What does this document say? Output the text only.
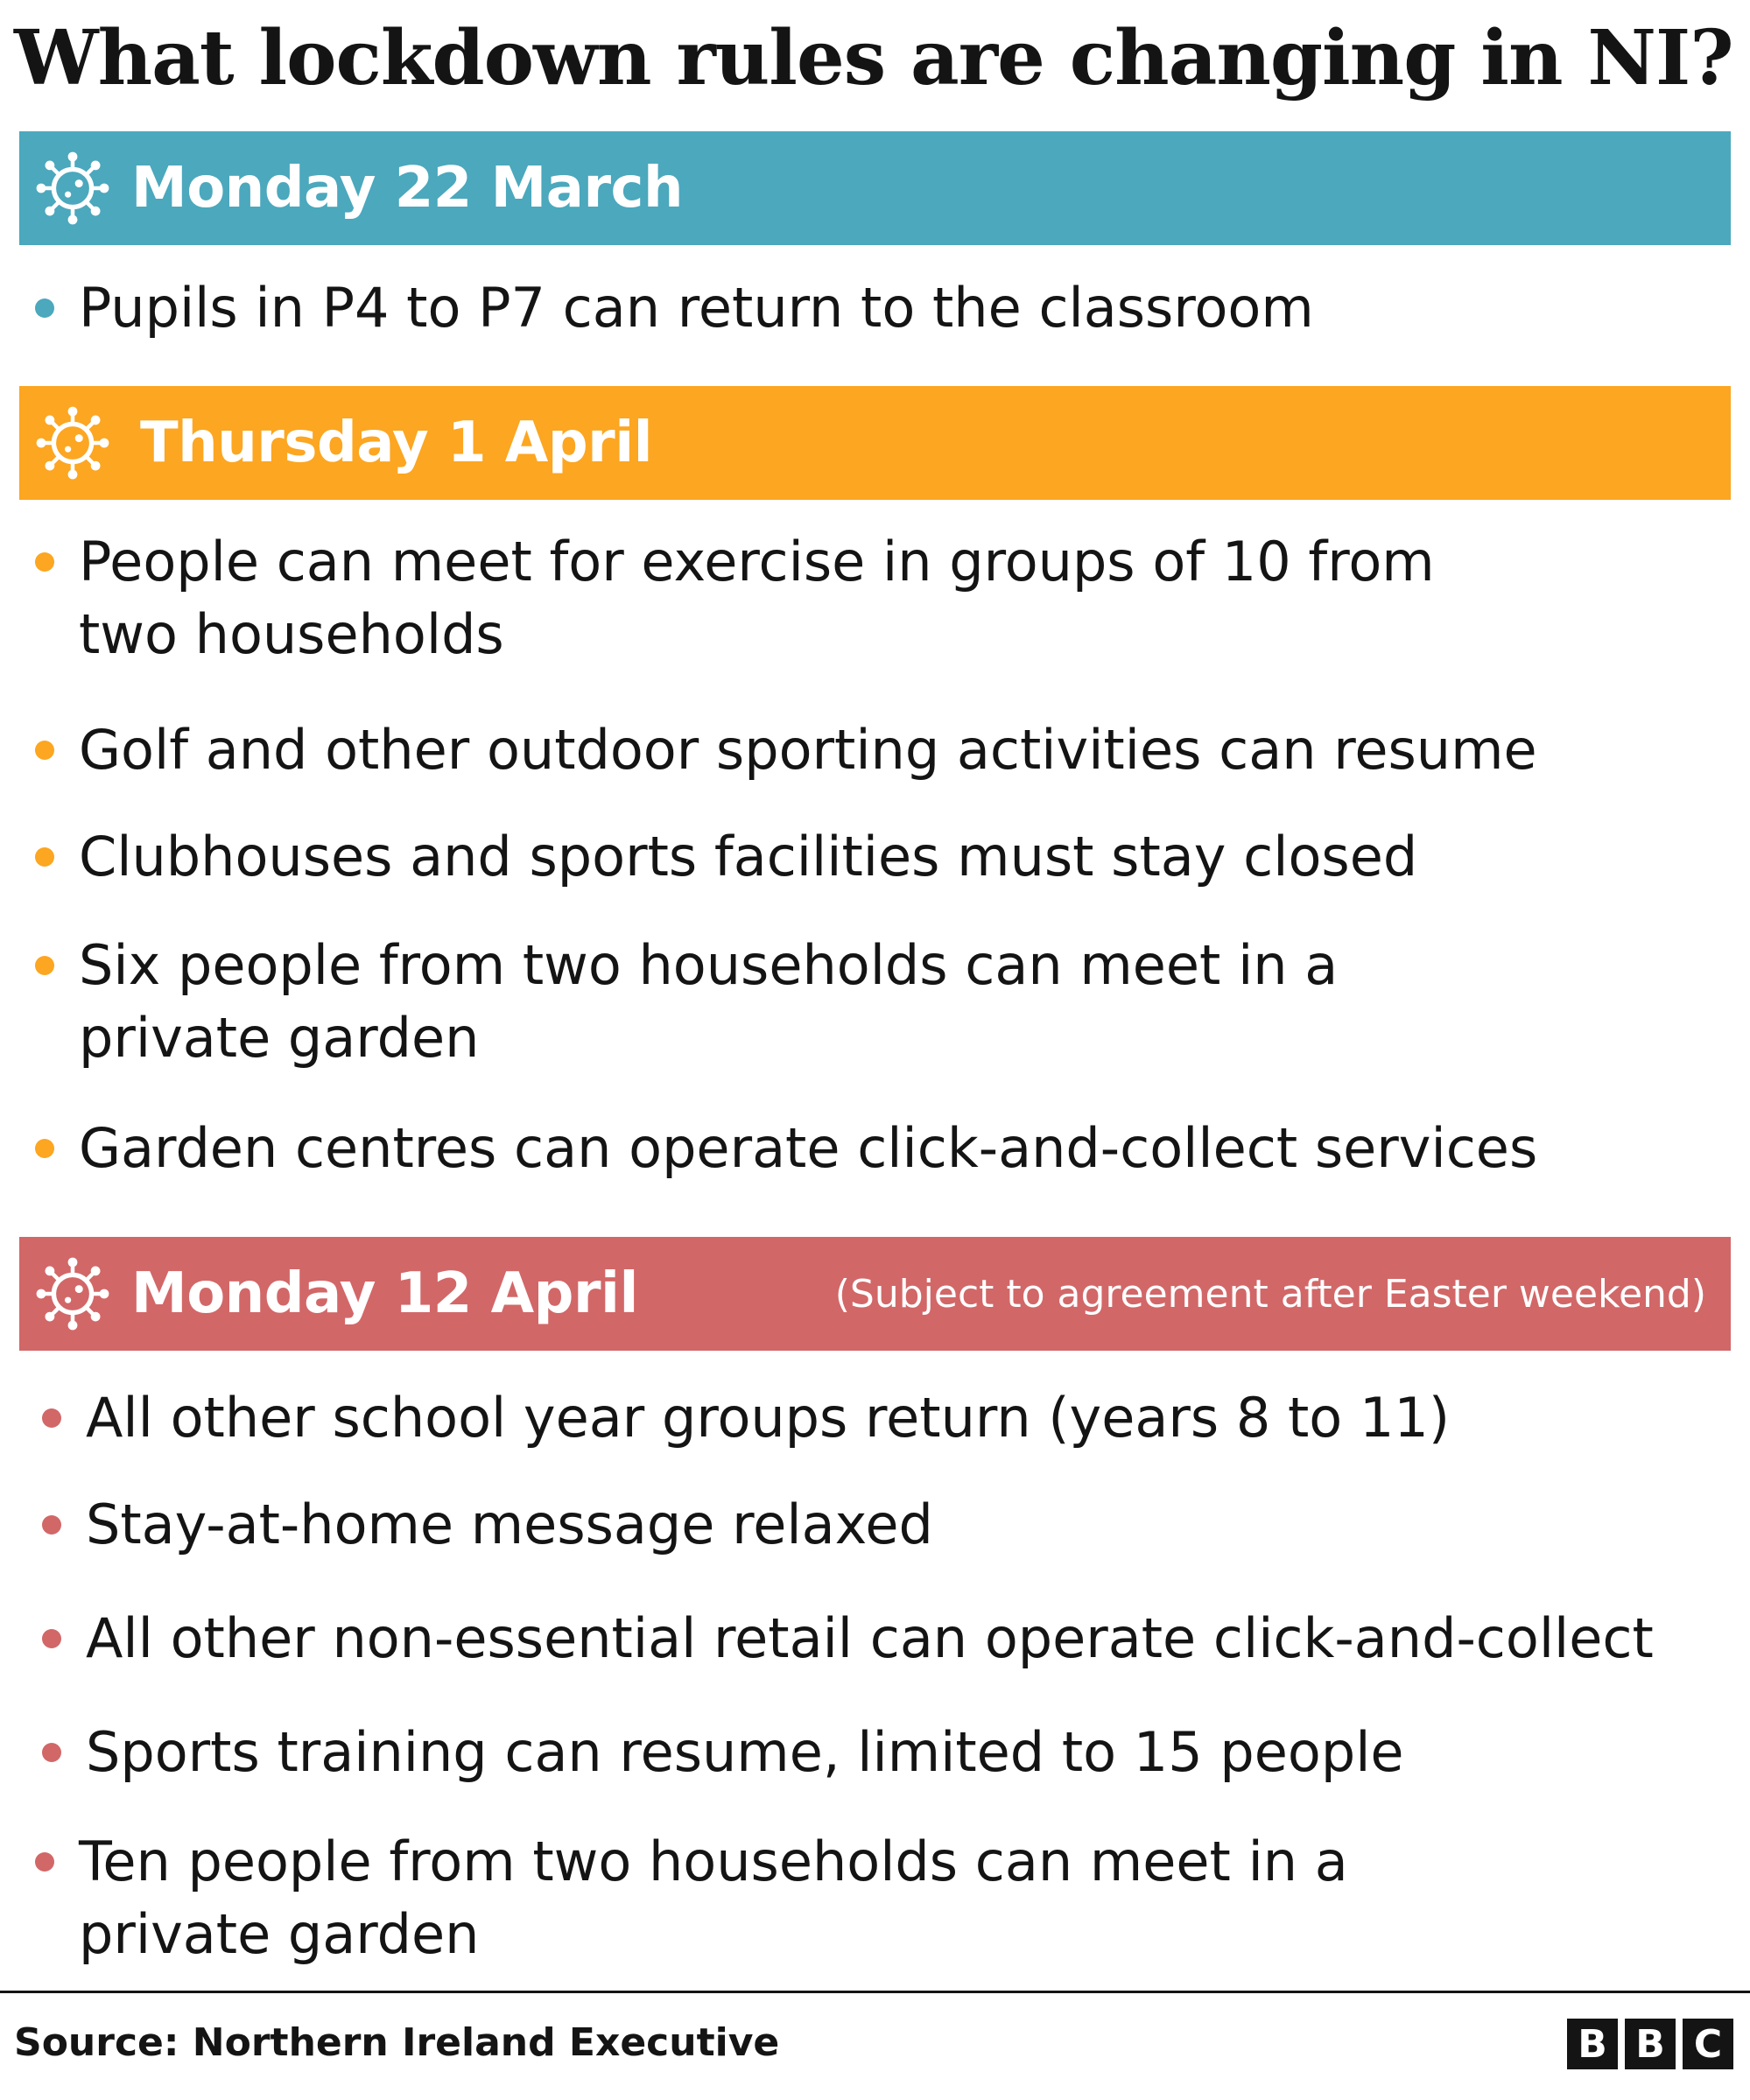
What lockdown rules are changing in NI?
Monday 22 March
Pupils in P4 to P7 can return to the classroom
Thursday 1 April
People can meet for exercise in groups of 10 from
two households
Golf and other outdoor sporting activities can resume
Clubhouses and sports facilities must stay closed
Six people from two households can meet in a
private garden
Garden centres can operate click-and-collect services
Monday 12 April	(Subject to agreement after Easter weekend)
All other school year groups return (years 8 to 11)
Stay-at-home message relaxed
All other non-essential retail can operate click-and-collect
Sports training can resume, limited to 15 people
Ten people from two households can meet in a
private garden
Source: Northern Ireland Executive	B B C
